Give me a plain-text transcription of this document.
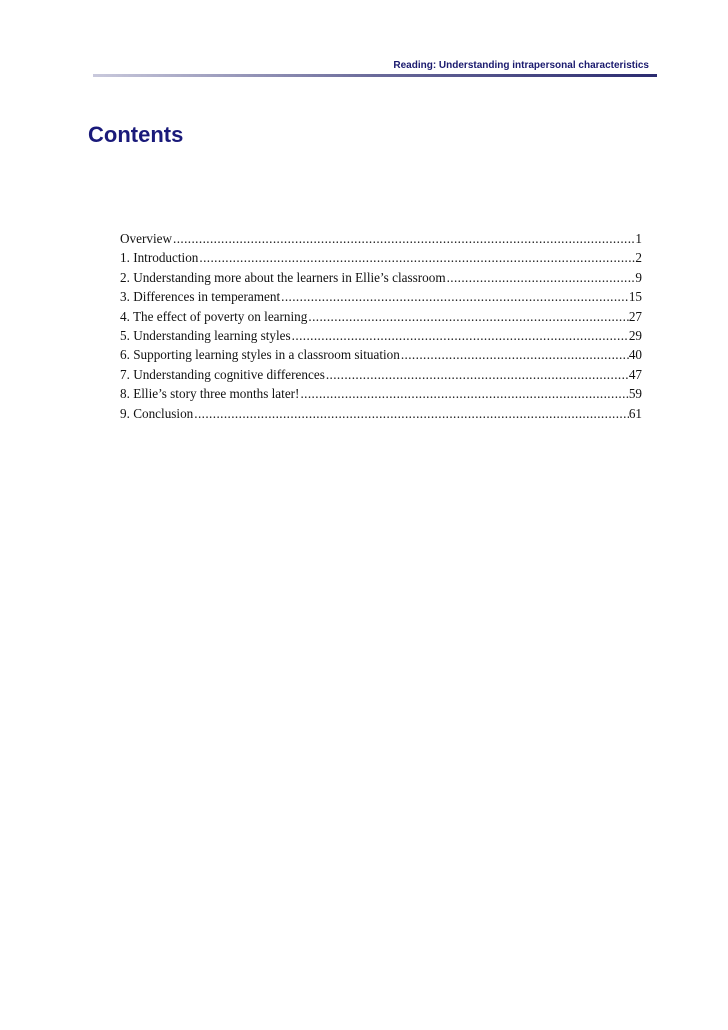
Reading: Understanding intrapersonal characteristics
Contents
Overview .....	1
1. Introduction .....	2
2. Understanding more about the learners in Ellie’s classroom .....	9
3. Differences in temperament .....	15
4. The effect of poverty on learning .....	27
5. Understanding learning styles .....	29
6. Supporting learning styles in a classroom situation .....	40
7. Understanding cognitive differences .....	47
8. Ellie’s story three months later! .....	59
9. Conclusion .....	61
